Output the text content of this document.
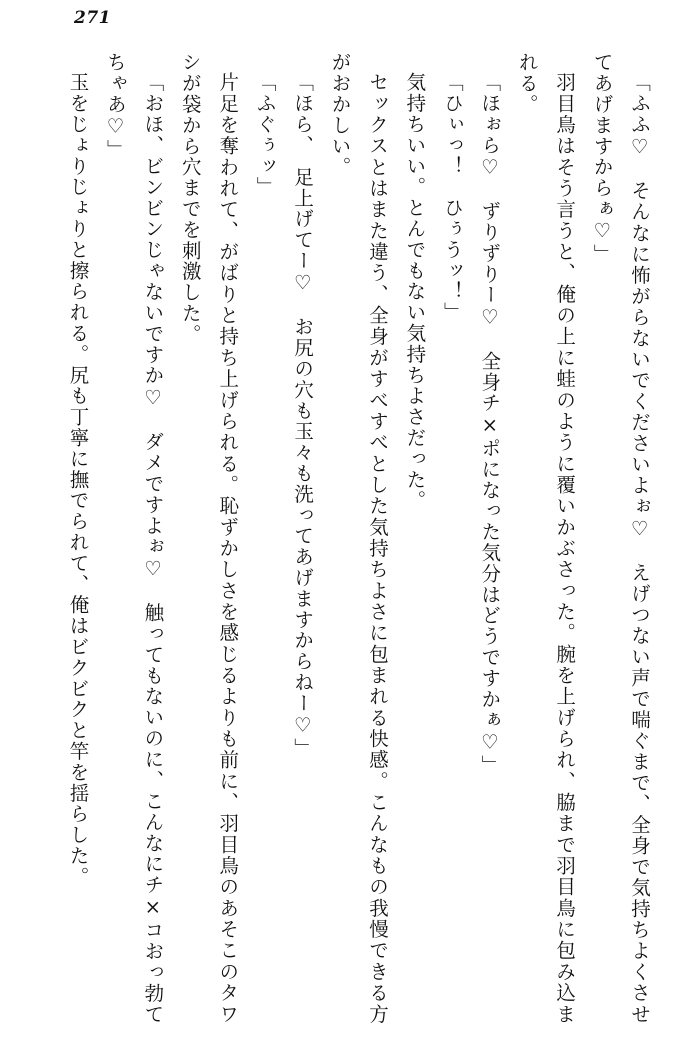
271

「ふふ♡　そんなに怖がらないでくださいよぉ♡　えげつない声で喘ぐまで、全身で気持ちよくさせてあげますからぁ♡」

羽目鳥はそう言うと、俺の上に蛙のように覆いかぶさった。腕を上げられ、脇まで羽目鳥に包み込まれる。

「ほぉら♡　ずりずりー♡　全身チ×ポになった気分はどうですかぁ♡」

「ひぃっ！　ひぅうッ！」

気持ちいい。とんでもない気持ちよさだった。

セックスとはまた違う、全身がすべすべとした気持ちよさに包まれる快感。こんなもの我慢できる方がおかしい。

「ほら、　足上げてー♡　お尻の穴も玉々も洗ってあげますからねー♡」

「ふぐぅッ」

片足を奪われて、がばりと持ち上げられる。恥ずかしさを感じるよりも前に、羽目鳥のあそこのタワシが袋から穴までを刺激した。

「おほ、ビンビンじゃないですか♡　ダメですよぉ♡　触ってもないのに、こんなにチ×コおっ勃てちゃあ♡」

玉をじょりじょりと擦られる。尻も丁寧に撫でられて、俺はビクビクと竿を揺らした。
